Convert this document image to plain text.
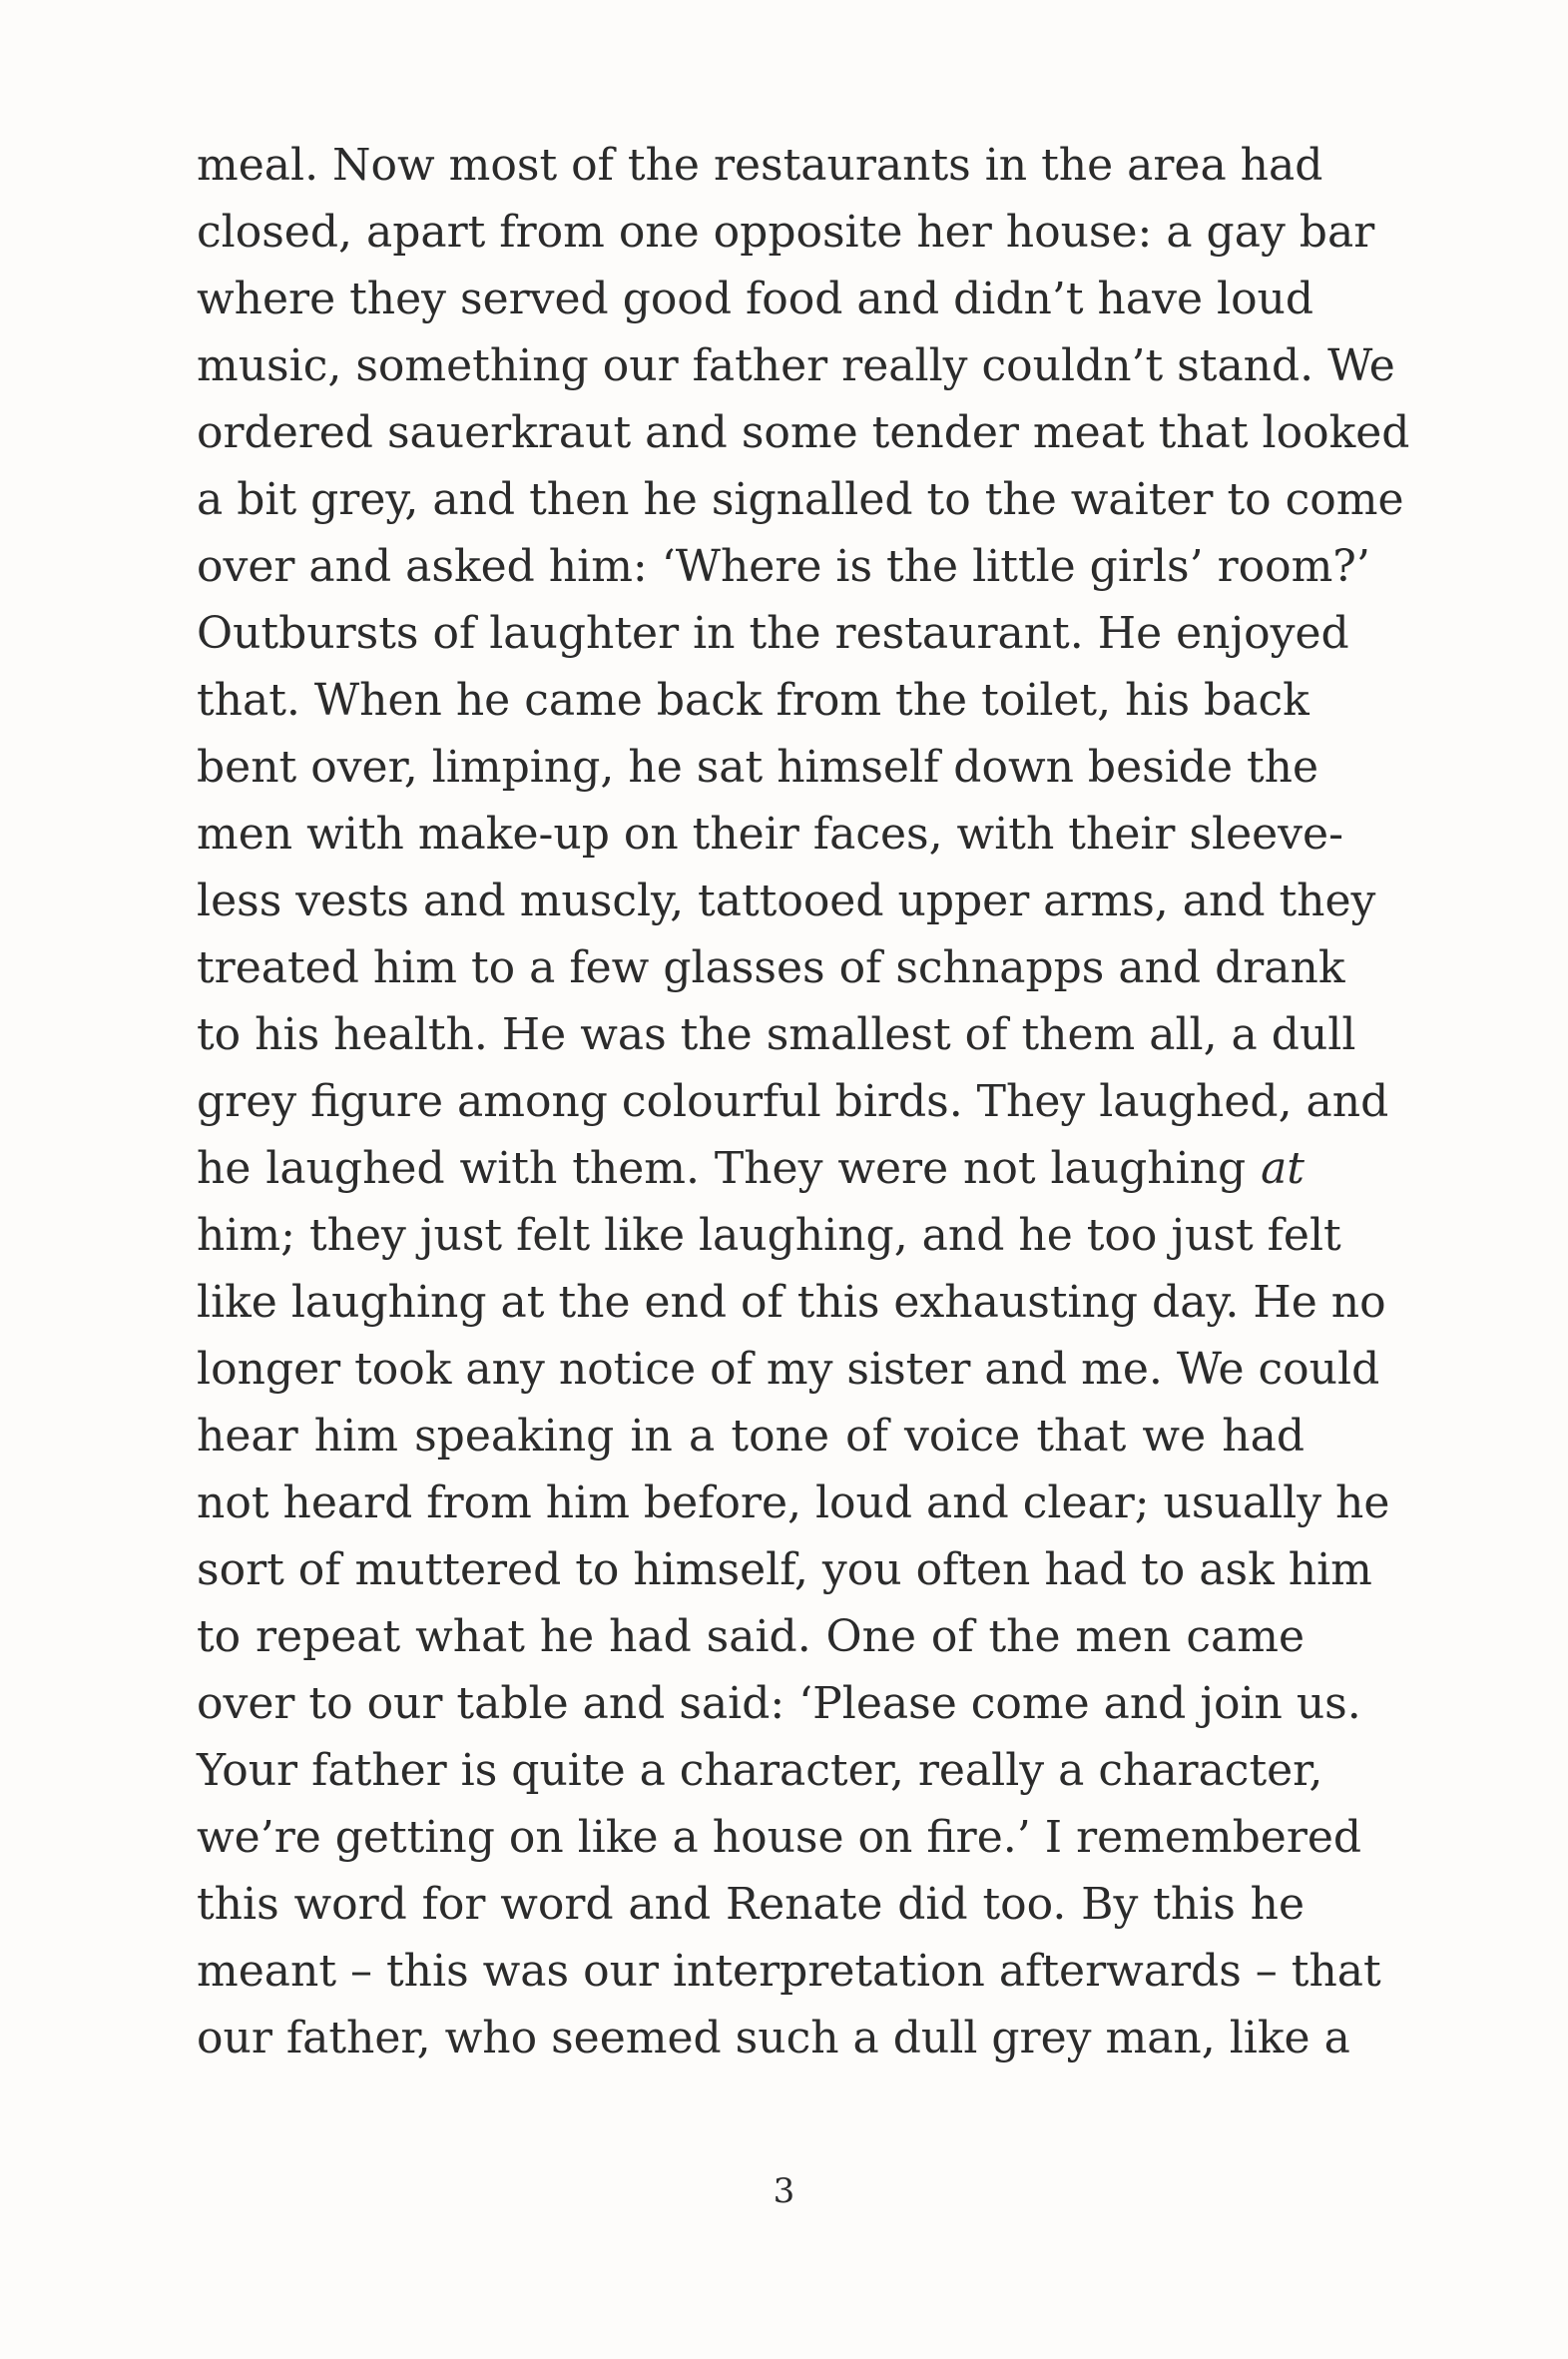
meal. Now most of the restaurants in the area had
closed, apart from one opposite her house: a gay bar
where they served good food and didn’t have loud
music, something our father really couldn’t stand. We
ordered sauerkraut and some tender meat that looked
a bit grey, and then he signalled to the waiter to come
over and asked him: ‘Where is the little girls’ room?’
Outbursts of laughter in the restaurant. He enjoyed
that. When he came back from the toilet, his back
bent over, limping, he sat himself down beside the
men with make-up on their faces, with their sleeve-
less vests and muscly, tattooed upper arms, and they
treated him to a few glasses of schnapps and drank
to his health. He was the smallest of them all, a dull
grey figure among colourful birds. They laughed, and
he laughed with them. They were not laughing at
him; they just felt like laughing, and he too just felt
like laughing at the end of this exhausting day. He no
longer took any notice of my sister and me. We could
hear him speaking in a tone of voice that we had
not heard from him before, loud and clear; usually he
sort of muttered to himself, you often had to ask him
to repeat what he had said. One of the men came
over to our table and said: ‘Please come and join us.
Your father is quite a character, really a character,
we’re getting on like a house on fire.’ I remembered
this word for word and Renate did too. By this he
meant – this was our interpretation afterwards – that
our father, who seemed such a dull grey man, like a
3
